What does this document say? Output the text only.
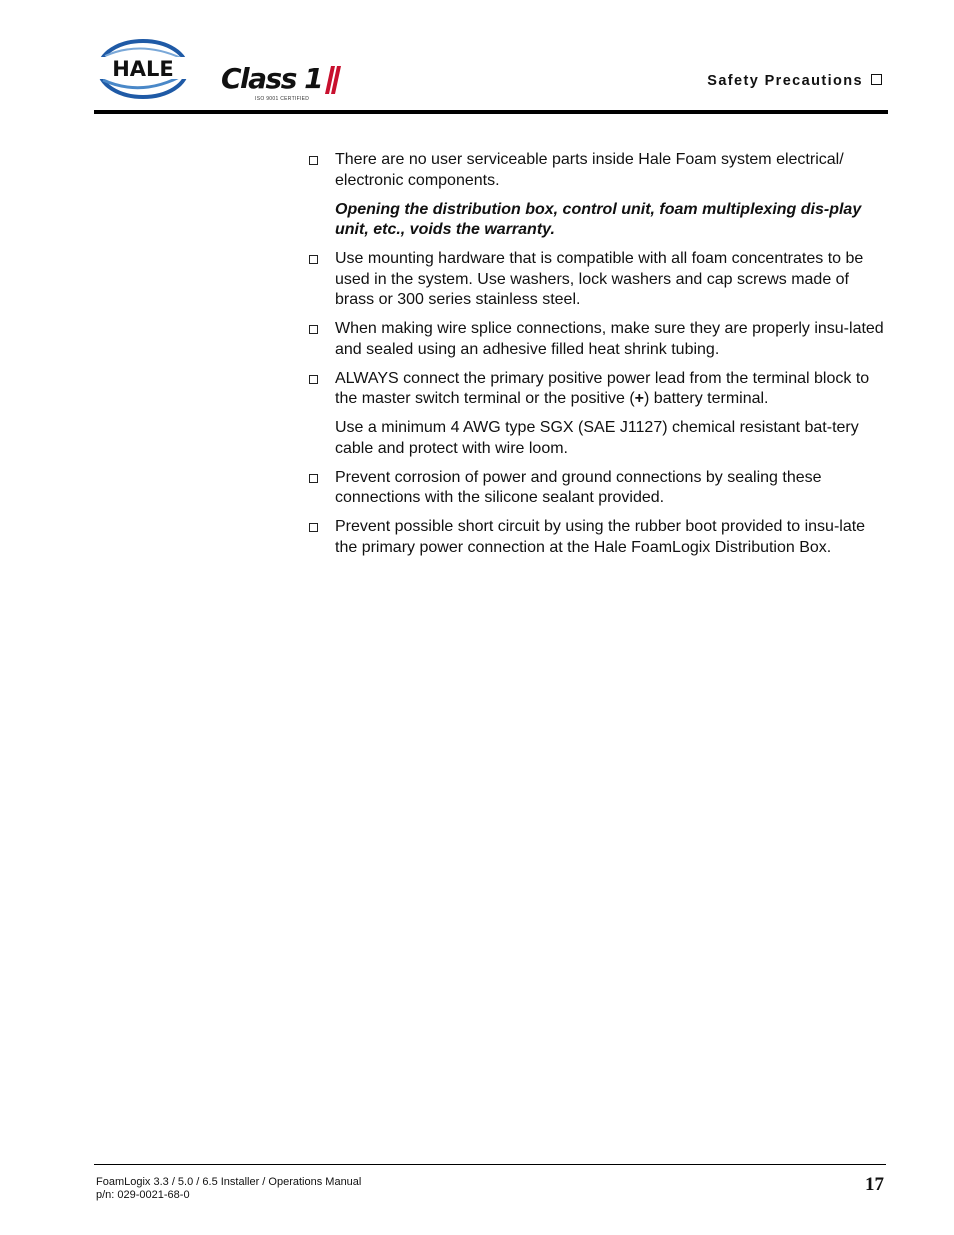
HALE Class 1
ISO 9001 CERTIFIED
Safety Precautions

There are no user serviceable parts inside Hale Foam system electrical/ electronic components.

Opening the distribution box, control unit, foam multiplexing dis-play unit, etc., voids the warranty.

Use mounting hardware that is compatible with all foam concentrates to be used in the system. Use washers, lock washers and cap screws made of brass or 300 series stainless steel.

When making wire splice connections, make sure they are properly insu-lated and sealed using an adhesive filled heat shrink tubing.

ALWAYS connect the primary positive power lead from the terminal block to the master switch terminal or the positive (+) battery terminal.

Use a minimum 4 AWG type SGX (SAE J1127) chemical resistant bat-tery cable and protect with wire loom.

Prevent corrosion of power and ground connections by sealing these connections with the silicone sealant provided.

Prevent possible short circuit by using the rubber boot provided to insu-late the primary power connection at the Hale FoamLogix Distribution Box.

FoamLogix 3.3 / 5.0 / 6.5 Installer / Operations Manual
p/n: 029-0021-68-0	17
